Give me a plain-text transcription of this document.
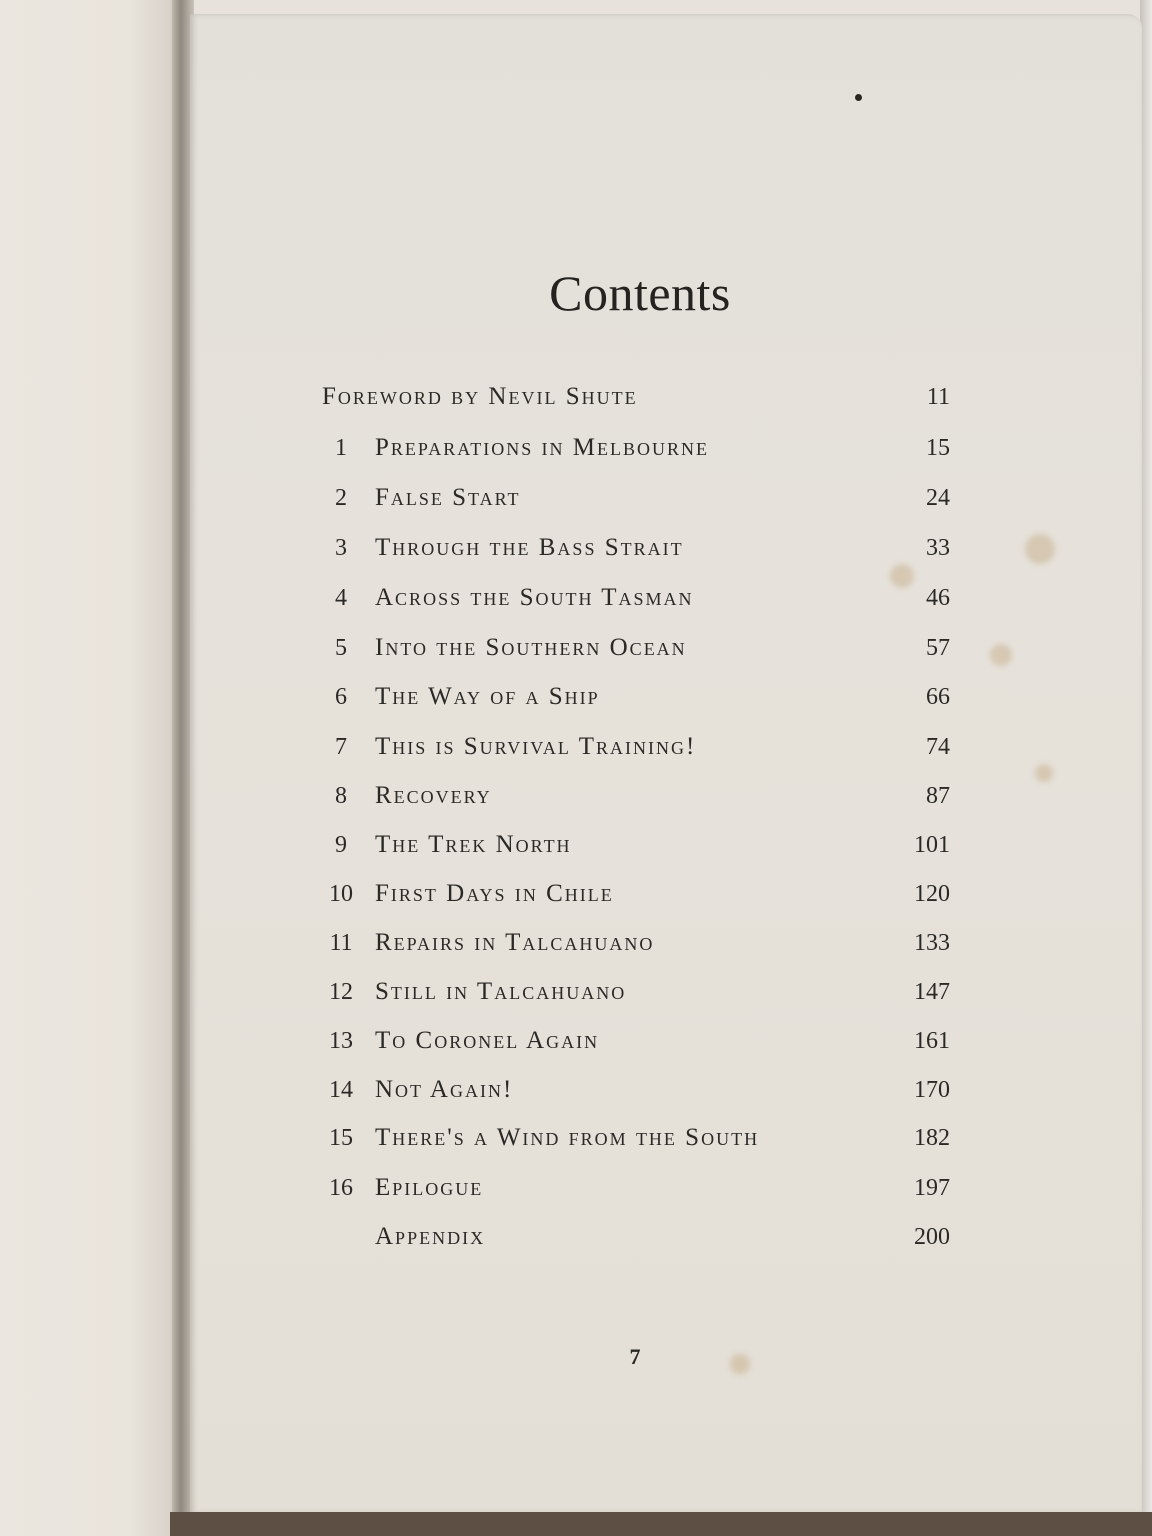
Contents
Foreword by Nevil Shute	11
1	Preparations in Melbourne	15
2	False Start	24
3	Through the Bass Strait	33
4	Across the South Tasman	46
5	Into the Southern Ocean	57
6	The Way of a Ship	66
7	This is Survival Training!	74
8	Recovery	87
9	The Trek North	101
10 First Days in Chile	120
11 Repairs in Talcahuano	133
12 Still in Talcahuano	147
13 To Coronel Again	161
14 Not Again!	170
15 There's a Wind from the South	182
16 Epilogue	197
Appendix	200
7
